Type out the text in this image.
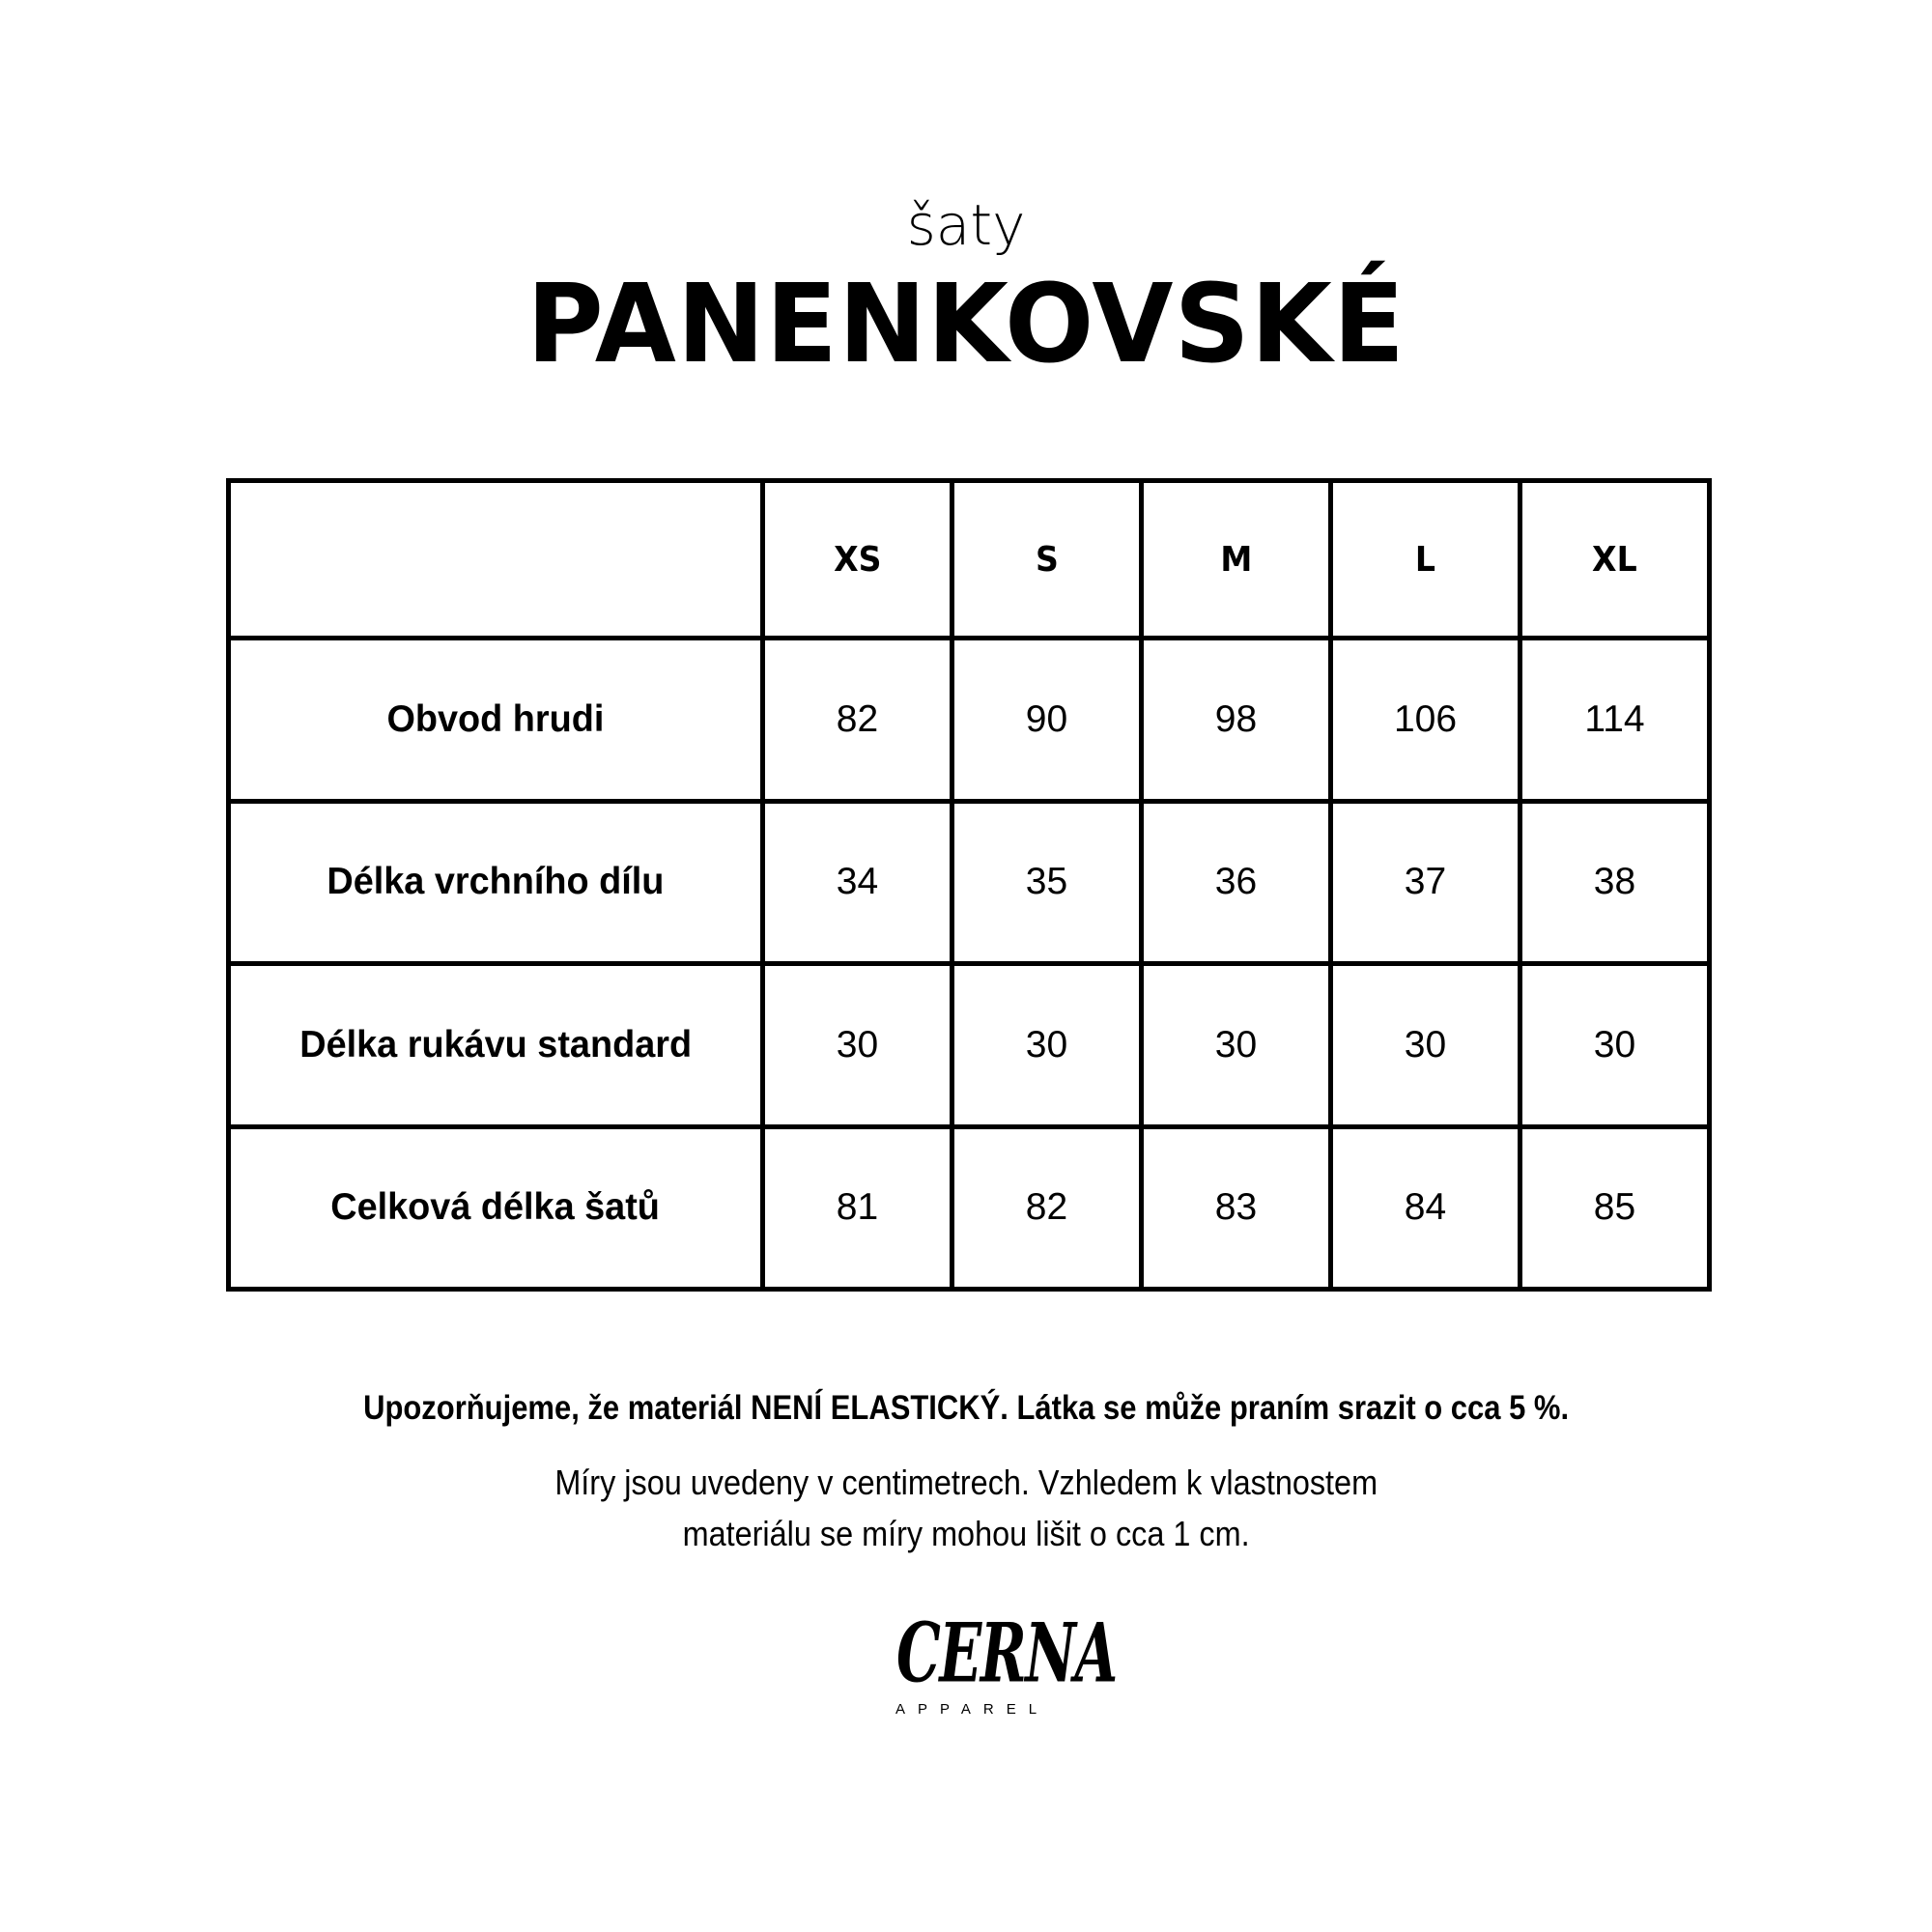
šaty
PANENKOVSKÉ
	XS	S	M	L	XL
Obvod hrudi	82	90	98	106	114
Délka vrchního dílu	34	35	36	37	38
Délka rukávu standard	30	30	30	30	30
Celková délka šatů	81	82	83	84	85
Upozorňujeme, že materiál NENÍ ELASTICKÝ. Látka se může praním srazit o cca 5 %.
Míry jsou uvedeny v centimetrech. Vzhledem k vlastnostem
materiálu se míry mohou lišit o cca 1 cm.
CERNA
APPAREL
